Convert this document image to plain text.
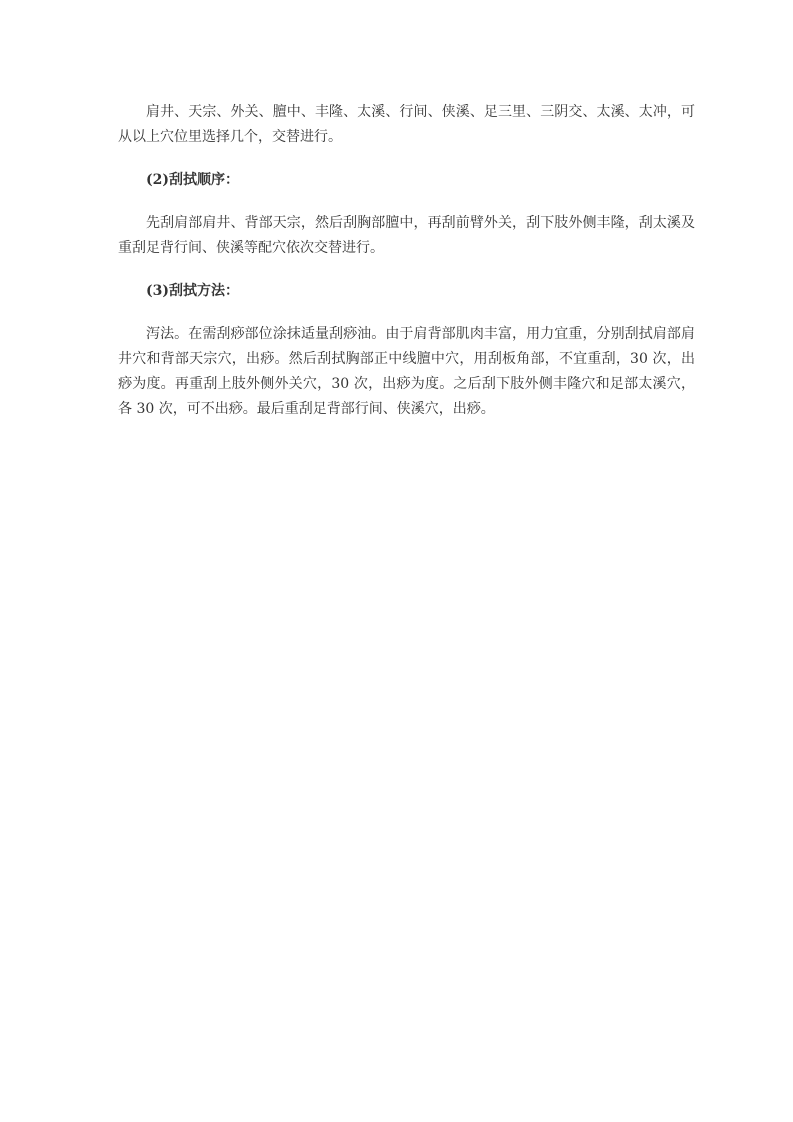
肩井、天宗、外关、膻中、丰隆、太溪、行间、侠溪、足三里、三阴交、太溪、太冲，可从以上穴位里选择几个，交替进行。

(2)刮拭顺序：

先刮肩部肩井、背部天宗，然后刮胸部膻中，再刮前臂外关，刮下肢外侧丰隆，刮太溪及重刮足背行间、侠溪等配穴依次交替进行。

(3)刮拭方法：

泻法。在需刮痧部位涂抹适量刮痧油。由于肩背部肌肉丰富，用力宜重，分别刮拭肩部肩井穴和背部天宗穴，出痧。然后刮拭胸部正中线膻中穴，用刮板角部，不宜重刮，30 次，出痧为度。再重刮上肢外侧外关穴，30 次，出痧为度。之后刮下肢外侧丰隆穴和足部太溪穴，各 30 次，可不出痧。最后重刮足背部行间、侠溪穴，出痧。
